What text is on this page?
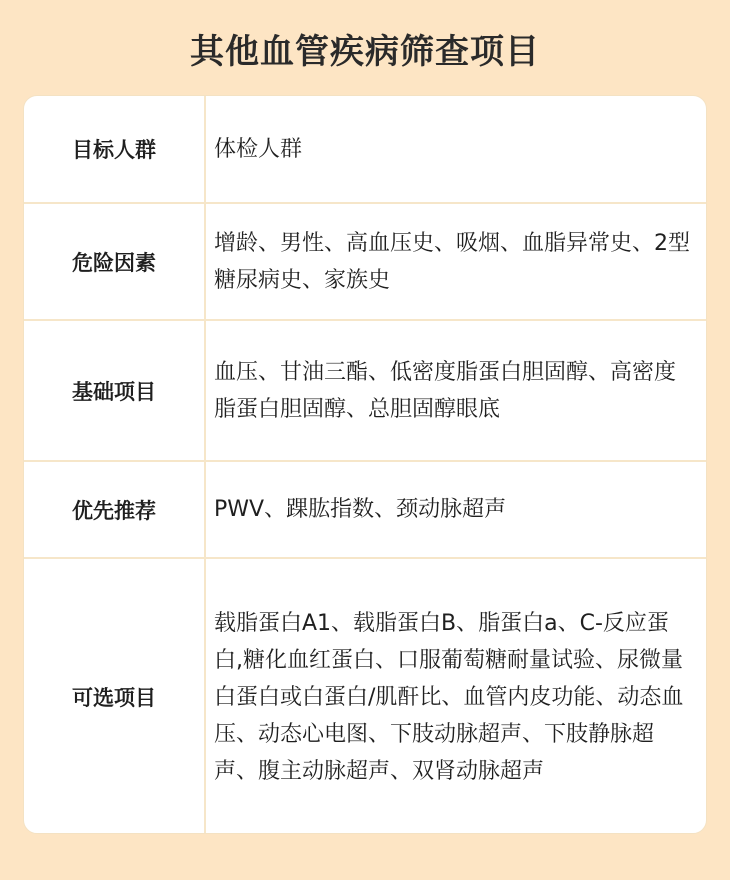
其他血管疾病筛查项目
目标人群	体检人群
危险因素
增龄、男性、高血压史、吸烟、血脂异常史、2型糖尿病史、家族史
基础项目
血压、甘油三酯、低密度脂蛋白胆固醇、高密度脂蛋白胆固醇、总胆固醇眼底
优先推荐	PWV、踝肱指数、颈动脉超声
可选项目
载脂蛋白A1、载脂蛋白B、脂蛋白a、C-反应蛋白,糖化血红蛋白、口服葡萄糖耐量试验、尿微量白蛋白或白蛋白/肌酐比、血管内皮功能、动态血压、动态心电图、下肢动脉超声、下肢静脉超声、腹主动脉超声、双肾动脉超声
